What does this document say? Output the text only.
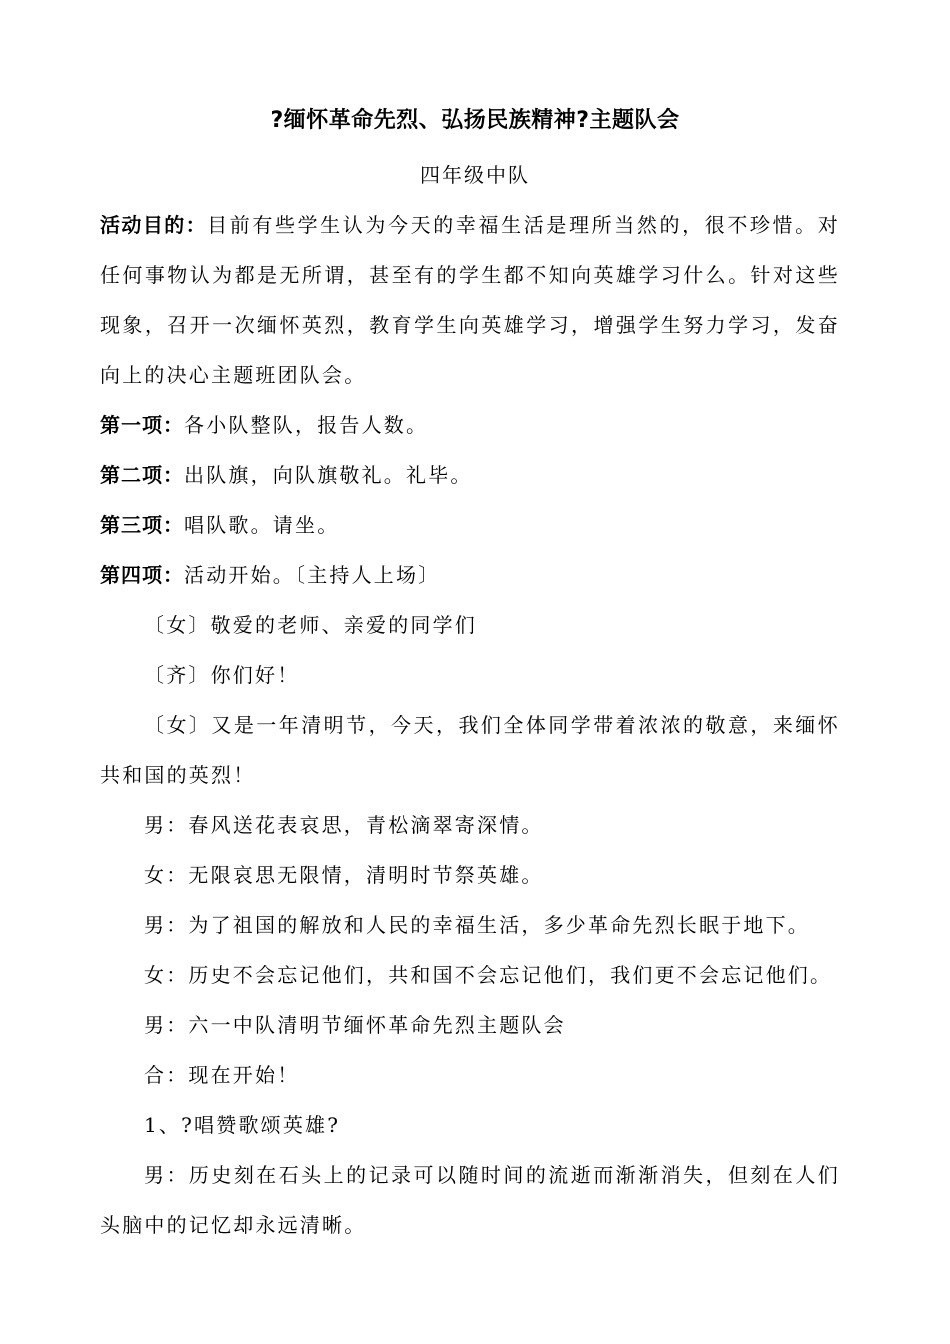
?缅怀革命先烈、弘扬民族精神?主题队会
四年级中队

活动目的：目前有些学生认为今天的幸福生活是理所当然的，很不珍惜。对任何事物认为都是无所谓，甚至有的学生都不知向英雄学习什么。针对这些现象，召开一次缅怀英烈，教育学生向英雄学习，增强学生努力学习，发奋向上的决心主题班团队会。

第一项：各小队整队，报告人数。

第二项：出队旗，向队旗敬礼。礼毕。

第三项：唱队歌。请坐。

第四项：活动开始。〔主持人上场〕

〔女〕敬爱的老师、亲爱的同学们

〔齐〕你们好！

〔女〕又是一年清明节，今天，我们全体同学带着浓浓的敬意，来缅怀共和国的英烈！

男：春风送花表哀思，青松滴翠寄深情。

女：无限哀思无限情，清明时节祭英雄。

男：为了祖国的解放和人民的幸福生活，多少革命先烈长眠于地下。

女：历史不会忘记他们，共和国不会忘记他们，我们更不会忘记他们。

男：六一中队清明节缅怀革命先烈主题队会

合：现在开始！

1、?唱赞歌颂英雄?

男：历史刻在石头上的记录可以随时间的流逝而渐渐消失，但刻在人们头脑中的记忆却永远清晰。
